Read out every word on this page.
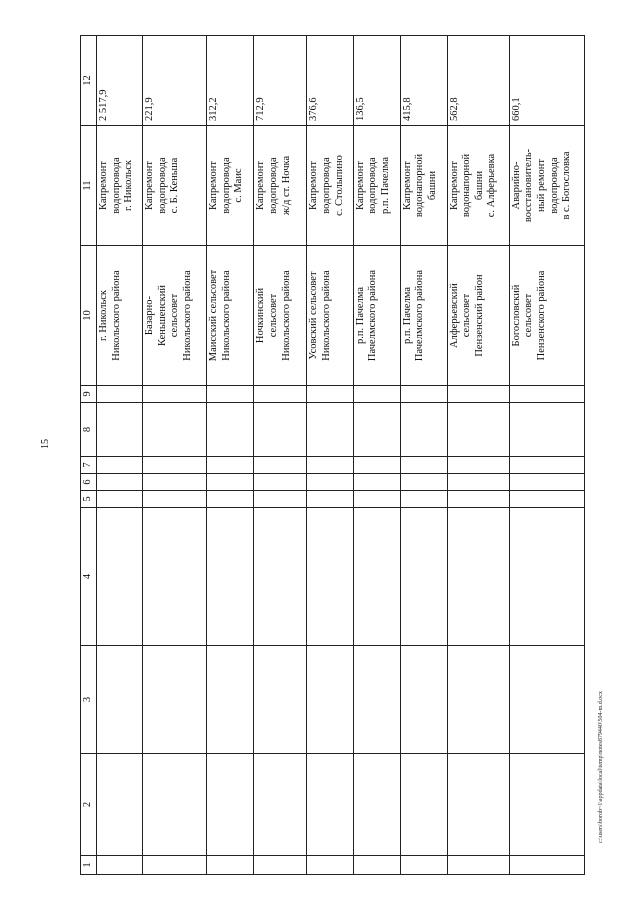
15
1	2	3	4	5	6	7	8	9	10	11	12
									г. Никольск
Никольского района	Капремонт
водопровода
г. Никольск	2 517,9
									Базарно-
Кеньшенский
сельсовет
Никольского района	Капремонт
водопровода
с. Б. Кеньша	221,9
									Маисский сельсовет
Никольского района	Капремонт
водопровода
с. Маис	312,2
									Ночкинский
сельсовет
Никольского района	Капремонт
водопровода
ж/д ст. Ночка	712,9
									Усовский сельсовет
Никольского района	Капремонт
водопровода
с. Столыпино	376,6
									р.п. Пачелма
Пачелмского района	Капремонт
водопровода
р.п. Пачелма	136,5
									р.п. Пачелма
Пачелмского района	Капремонт
водонапорной
башни	415,8
									Алферьевский
сельсовет
Пензенский район	Капремонт
водонапорной
башни
с. Алферьевка	562,8
									Богословский
сельсовет
Пензенского района	Аварийно-
восстановитель-
ный ремонт
водопровода
в с. Богословка	660,1
c:\users\borob~1\appdata\local\temp\notes879440\504-m.d.ocx
